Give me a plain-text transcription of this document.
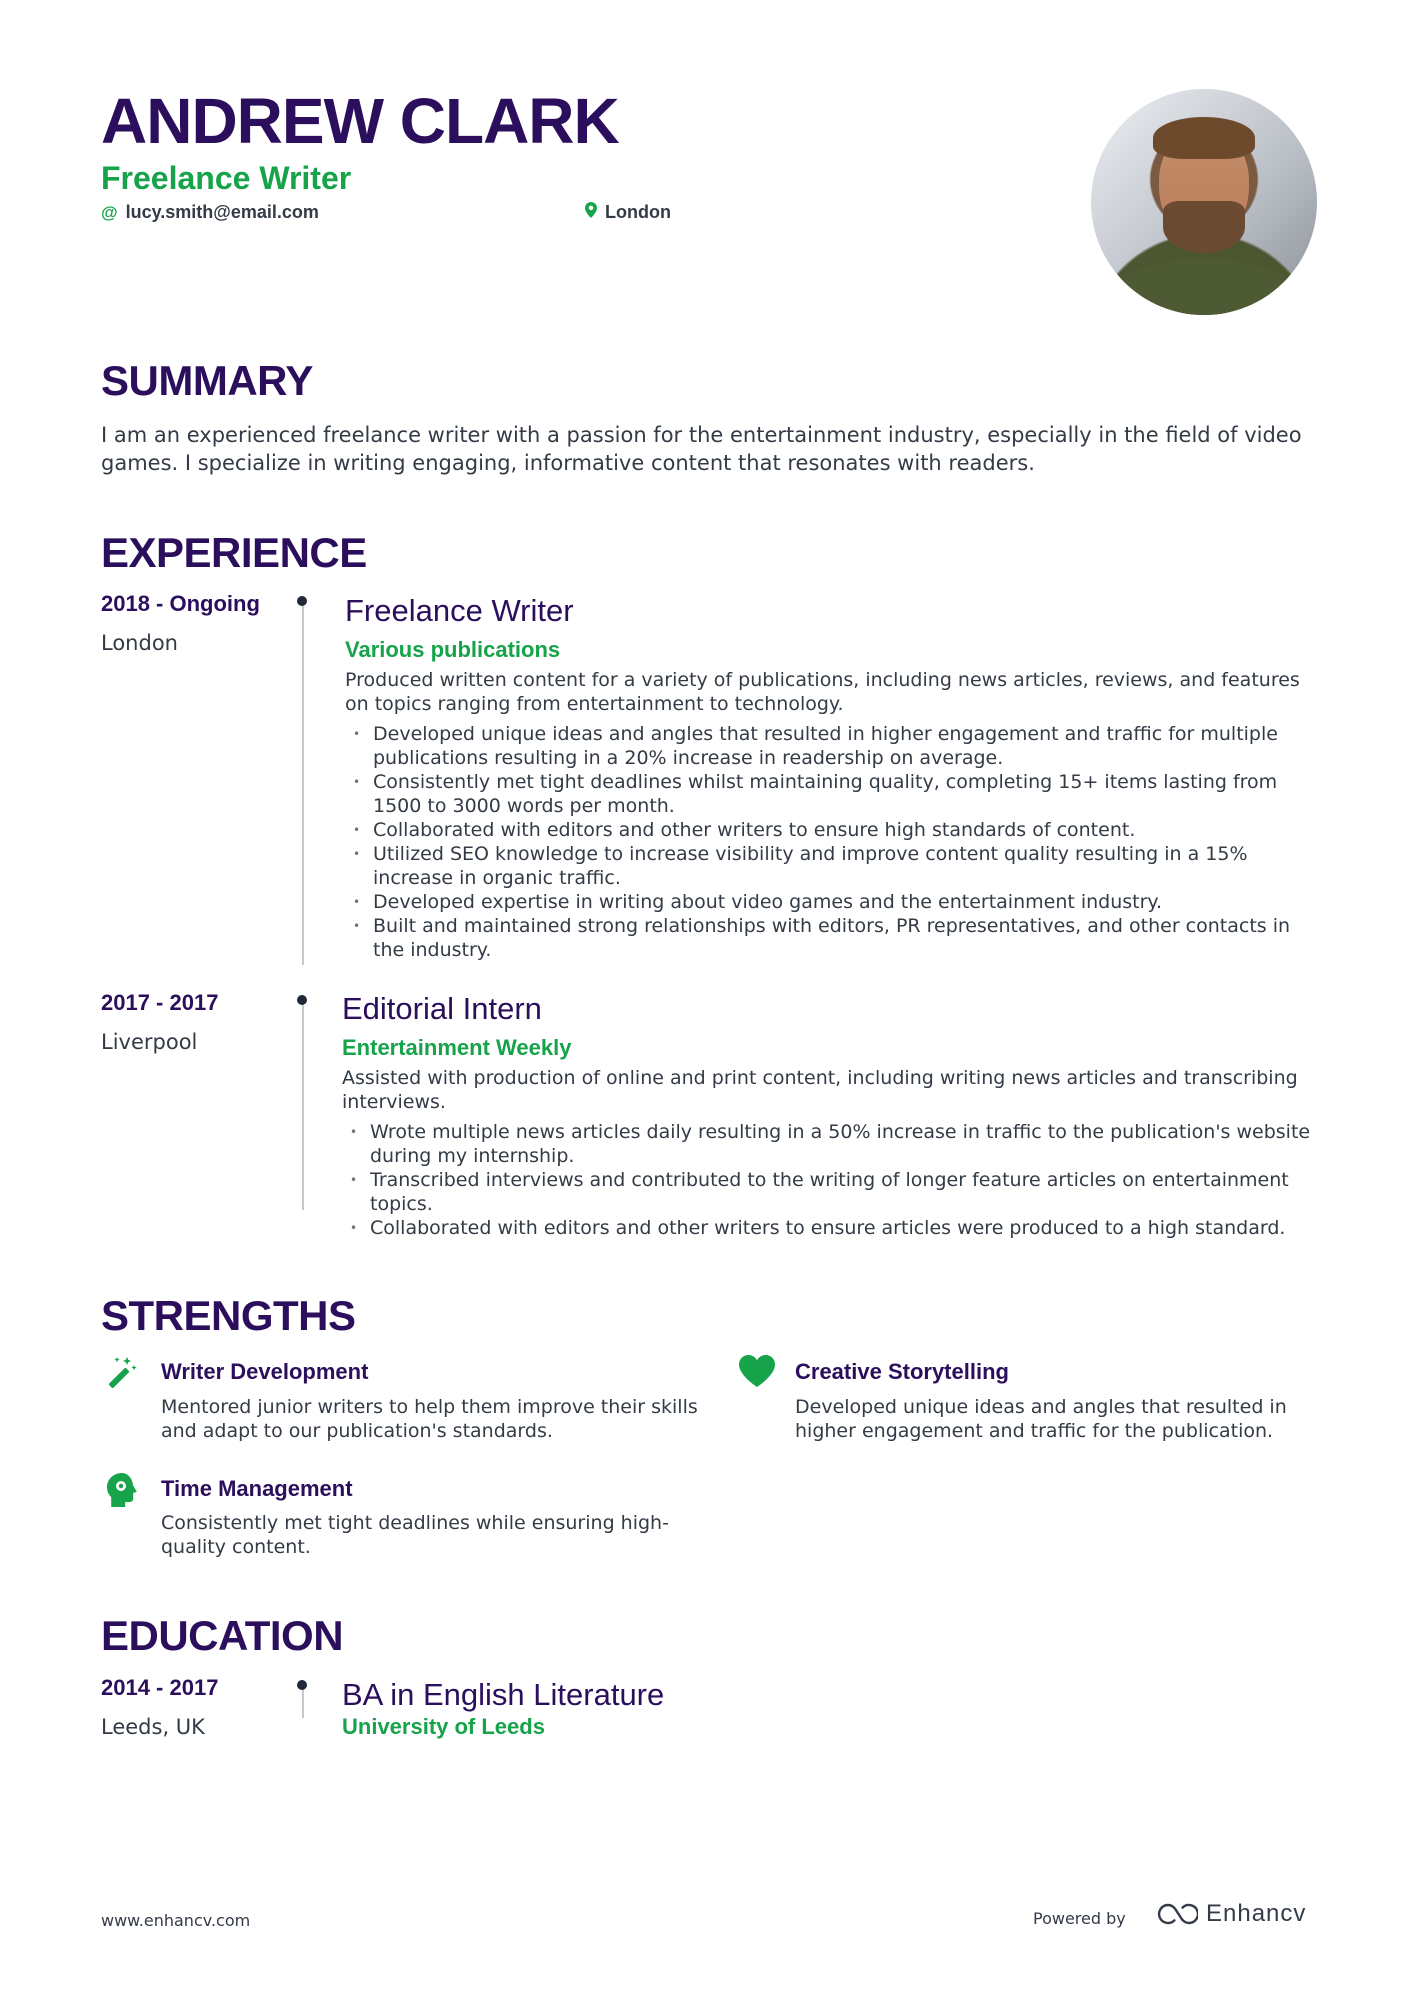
ANDREW CLARK
Freelance Writer
@ lucy.smith@email.com	London
SUMMARY
I am an experienced freelance writer with a passion for the entertainment industry, especially in the field of video games. I specialize in writing engaging, informative content that resonates with readers.
EXPERIENCE
2018 - Ongoing
London
Freelance Writer
Various publications
Produced written content for a variety of publications, including news articles, reviews, and features on topics ranging from entertainment to technology.
• Developed unique ideas and angles that resulted in higher engagement and traffic for multiple publications resulting in a 20% increase in readership on average.
• Consistently met tight deadlines whilst maintaining quality, completing 15+ items lasting from 1500 to 3000 words per month.
• Collaborated with editors and other writers to ensure high standards of content.
• Utilized SEO knowledge to increase visibility and improve content quality resulting in a 15% increase in organic traffic.
• Developed expertise in writing about video games and the entertainment industry.
• Built and maintained strong relationships with editors, PR representatives, and other contacts in the industry.
2017 - 2017
Liverpool
Editorial Intern
Entertainment Weekly
Assisted with production of online and print content, including writing news articles and transcribing interviews.
• Wrote multiple news articles daily resulting in a 50% increase in traffic to the publication's website during my internship.
• Transcribed interviews and contributed to the writing of longer feature articles on entertainment topics.
• Collaborated with editors and other writers to ensure articles were produced to a high standard.
STRENGTHS
Writer Development
Mentored junior writers to help them improve their skills and adapt to our publication's standards.
Creative Storytelling
Developed unique ideas and angles that resulted in higher engagement and traffic for the publication.
Time Management
Consistently met tight deadlines while ensuring high-quality content.
EDUCATION
2014 - 2017
Leeds, UK
BA in English Literature
University of Leeds
www.enhancv.com	Powered by	Enhancv
